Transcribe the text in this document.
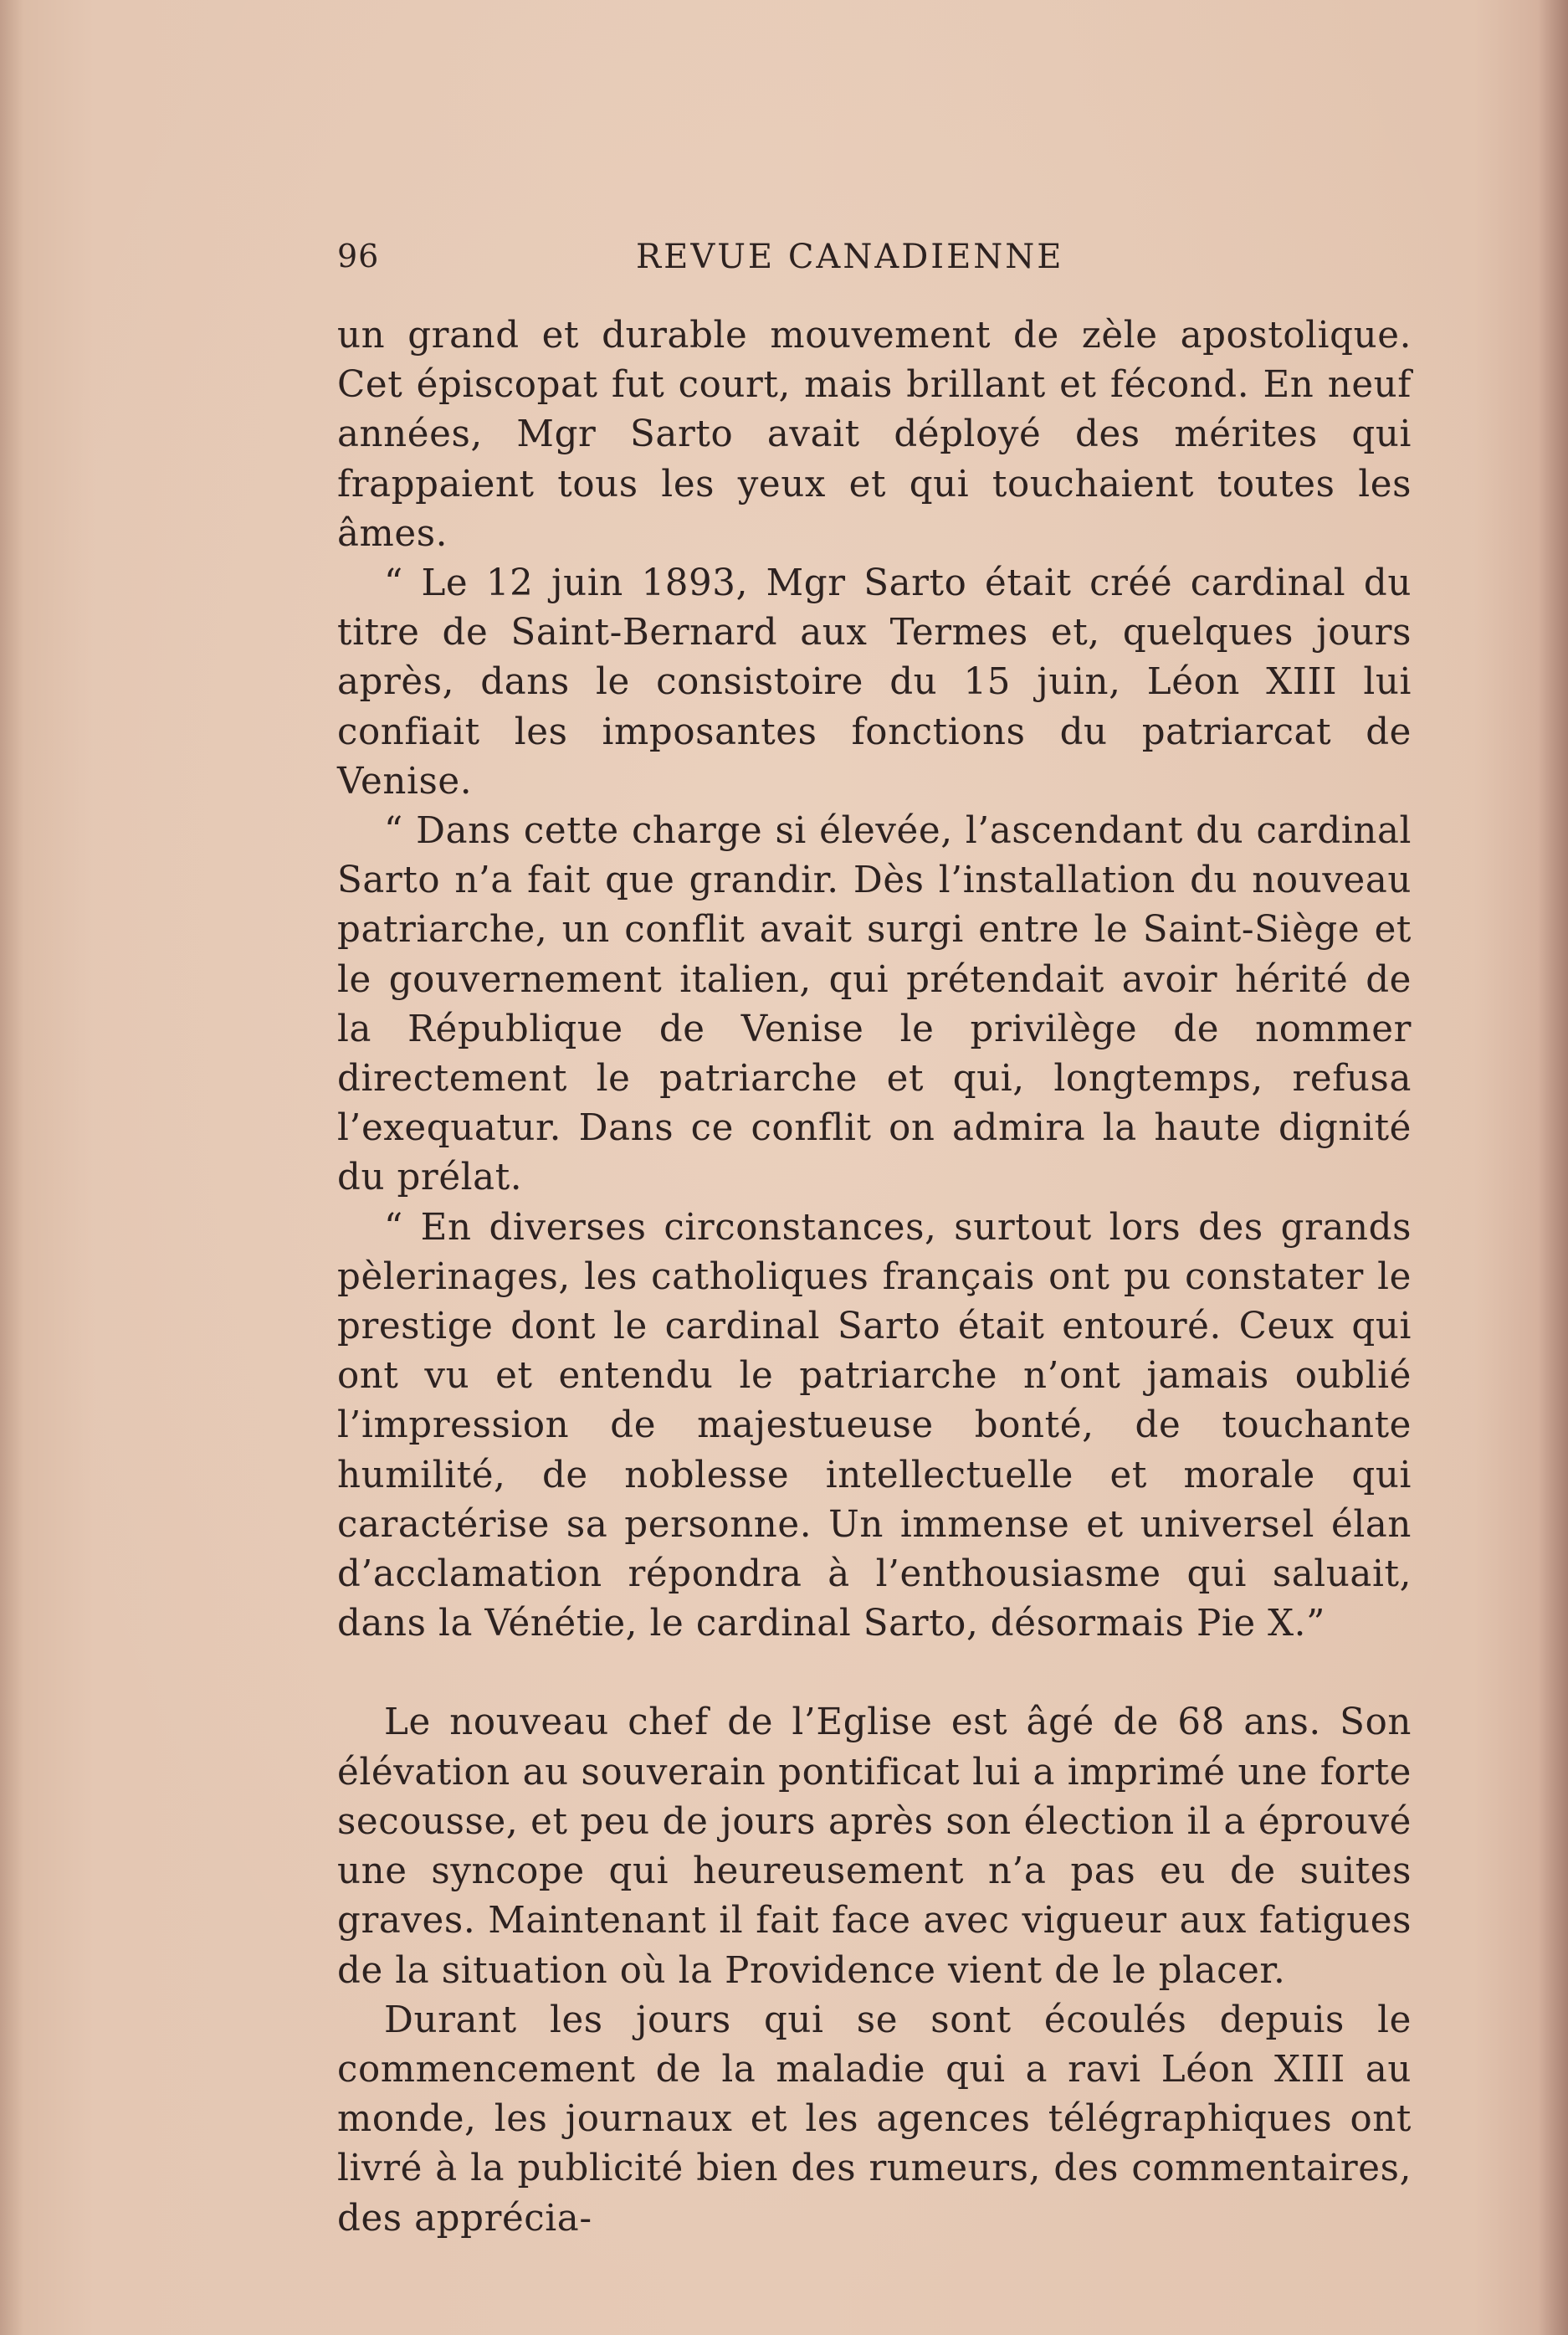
96	REVUE CANADIENNE

un grand et durable mouvement de zèle apostolique. Cet épiscopat fut court, mais brillant et fécond. En neuf années, Mgr Sarto avait déployé des mérites qui frappaient tous les yeux et qui touchaient toutes les âmes.

“ Le 12 juin 1893, Mgr Sarto était créé cardinal du titre de Saint-Bernard aux Termes et, quelques jours après, dans le consistoire du 15 juin, Léon XIII lui confiait les imposantes fonctions du patriarcat de Venise.

“ Dans cette charge si élevée, l’ascendant du cardinal Sarto n’a fait que grandir. Dès l’installation du nouveau patriarche, un conflit avait surgi entre le Saint-Siège et le gouvernement italien, qui prétendait avoir hérité de la République de Venise le privilège de nommer directement le patriarche et qui, longtemps, refusa l’exequatur. Dans ce conflit on admira la haute dignité du prélat.

“ En diverses circonstances, surtout lors des grands pèlerinages, les catholiques français ont pu constater le prestige dont le cardinal Sarto était entouré. Ceux qui ont vu et entendu le patriarche n’ont jamais oublié l’impression de majestueuse bonté, de touchante humilité, de noblesse intellectuelle et morale qui caractérise sa personne. Un immense et universel élan d’acclamation répondra à l’enthousiasme qui saluait, dans la Vénétie, le cardinal Sarto, désormais Pie X.”

Le nouveau chef de l’Eglise est âgé de 68 ans. Son élévation au souverain pontificat lui a imprimé une forte secousse, et peu de jours après son élection il a éprouvé une syncope qui heureusement n’a pas eu de suites graves. Maintenant il fait face avec vigueur aux fatigues de la situation où la Providence vient de le placer.

Durant les jours qui se sont écoulés depuis le commencement de la maladie qui a ravi Léon XIII au monde, les journaux et les agences télégraphiques ont livré à la publicité bien des rumeurs, des commentaires, des apprécia-
